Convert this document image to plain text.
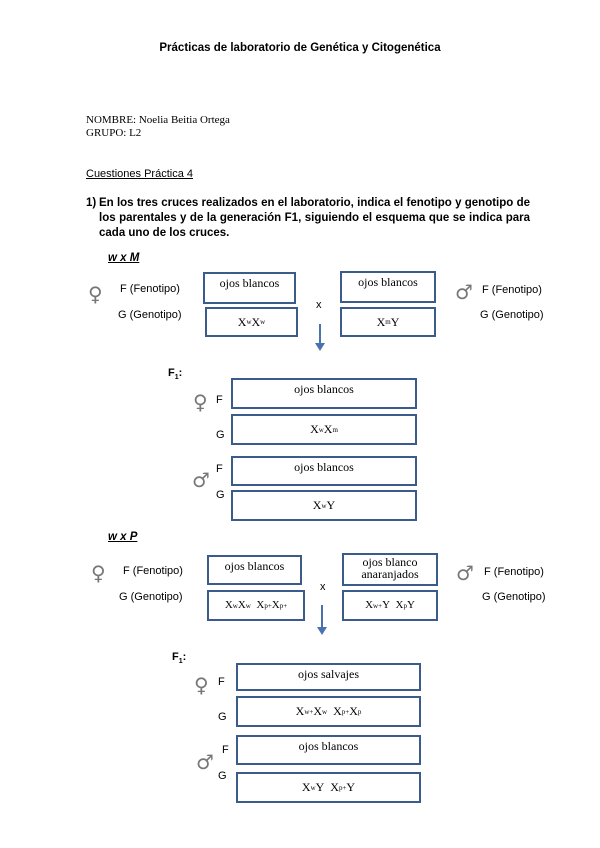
Prácticas de laboratorio de Genética y Citogenética
NOMBRE: Noelia Beitia Ortega
GRUPO: L2
Cuestiones Práctica 4
1) En los tres cruces realizados en el laboratorio, indica el fenotipo y genotipo de los parentales y de la generación F1, siguiendo el esquema que se indica para cada uno de los cruces.
w x M
♀ F (Fenotipo)
G (Genotipo)
ojos blancos
X w X w
x
ojos blancos
X m Y
♂ F (Fenotipo)
G (Genotipo)
$F_1$:
♀ F
ojos blancos
G	X w X m
♂ F	ojos blancos
G
X w Y
w x P
♀ F (Fenotipo)
G (Genotipo)
ojos blancos
X w X w X p+ X p+
x
ojos blanco anaranjados
X w+ Y  X p Y
♂ F (Fenotipo)
G (Genotipo)
$F_1$:
♀ F
ojos salvajes
G	X w+ X w X p+ X p
♂ F	ojos blancos
G
X w Y  X p+ Y
